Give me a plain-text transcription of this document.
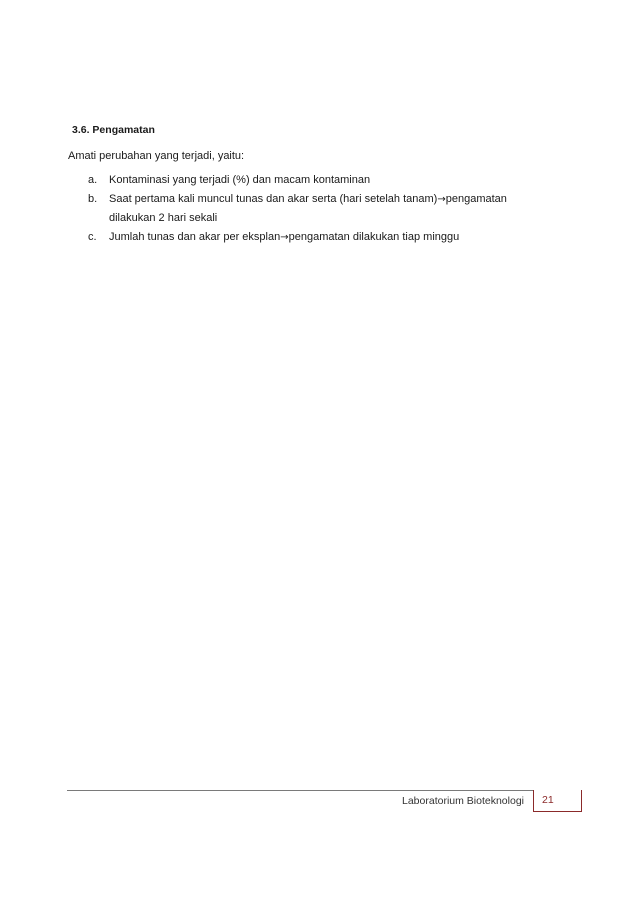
3.6. Pengamatan
Amati perubahan yang terjadi, yaitu:
a. Kontaminasi yang terjadi (%) dan macam kontaminan
b. Saat pertama kali muncul tunas dan akar serta (hari setelah tanam)→pengamatan
dilakukan 2 hari sekali
c. Jumlah tunas dan akar per eksplan→pengamatan dilakukan tiap minggu
Laboratorium Bioteknologi 21
